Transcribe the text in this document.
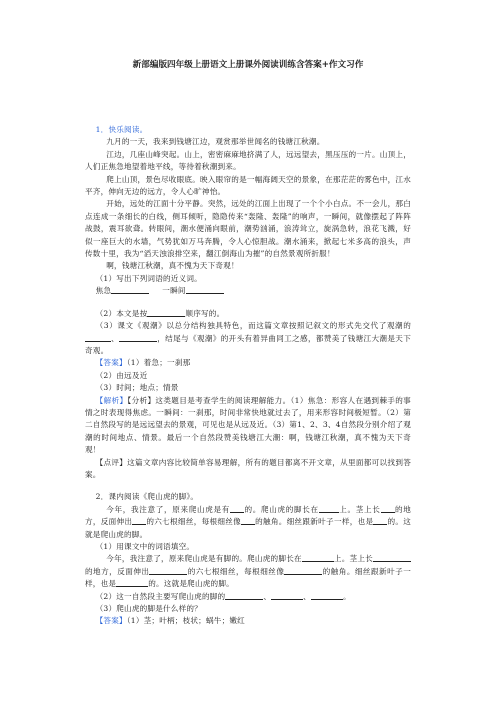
新部编版四年级上册语文上册课外阅读训练含答案+作文习作

1．快乐阅读。

九月的一天，我来到钱塘江边，观赏那举世闻名的钱塘江秋潮。

江边，几座山峰突起。山上，密密麻麻地挤满了人，远远望去，黑压压的一片。山顶上，人们正焦急地望着地平线，等待着秋潮到来。

爬上山顶，景色尽收眼底。映入眼帘的是一幅海阔天空的景象，在那茫茫的雾色中，江水平齐，伸向无边的远方，令人心旷神怡。

开始，远处的江面十分平静。突然，远处的江面上出现了一个个小白点。不一会儿，那白点连成一条细长的白线，侧耳倾听，隐隐传来“轰隆、轰隆”的响声，一瞬间，就像摆起了阵阵战鼓，震耳欲聋。转眼间，潮水便涌向眼前，潮势汹涌，浪涛耸立，旋涡急转，浪花飞溅，好似一座巨大的水墙，气势犹如万马奔腾，令人心惊胆战。潮水涌来，掀起七米多高的浪头，声传数十里，我为“滔天浊浪排空来，翻江倒海山为摧”的自然景观所折服！

啊，钱塘江秋潮，真不愧为天下奇观！

（1）写出下列词语的近义词。

焦急	一瞬间

（2）本文是按	顺序写的。

（3）课文《观潮》以总分结构独具特色，而这篇文章按照记叙文的形式先交代了观潮的、	，结尾与《观潮》的开头有着异曲同工之感，都赞美了钱塘江大潮是天下奇观。

【答案】（1）着急；一刹那

（2）由远及近

（3）时间；地点；情景

【解析】【分析】这类题目是考查学生的阅读理解能力。（1）焦急：形容人在遇到棘手的事情之时表现得焦虑。一瞬间：一刹那，时间非常快地就过去了，用来形容时间极短暂。（2）第二自然段写的是远远望去的景观，可见也是从远及近。（3）第1、2、3、4自然段分别介绍了观潮的时间地点、情景。最后一个自然段赞美钱塘江大潮：啊，钱塘江秋潮，真不愧为天下奇观！

【点评】这篇文章内容比较简单容易理解，所有的题目都离不开文章，从里面都可以找到答案。

2．课内阅读《爬山虎的脚》。

今年，我注意了，原来爬山虎是有 的。爬山虎的脚长在	上。茎上长 的地方，反面伸出 的六七根细丝，每根细丝像 的触角。细丝跟新叶子一样，也是 的。这就是爬山虎的脚。

（1）用课文中的词语填空。

今年，我注意了，原来爬山虎是有脚的。爬山虎的脚长在	上。茎上长的地方，反面伸出	的六七根细丝，每根细丝像	的触角。细丝跟新叶子一样，也是	的。这就是爬山虎的脚。

（2）这一自然段主要写爬山虎的脚的	、	、	。

（3）爬山虎的脚是什么样的？

【答案】（1）茎；叶柄；枝状；蜗牛；嫩红
